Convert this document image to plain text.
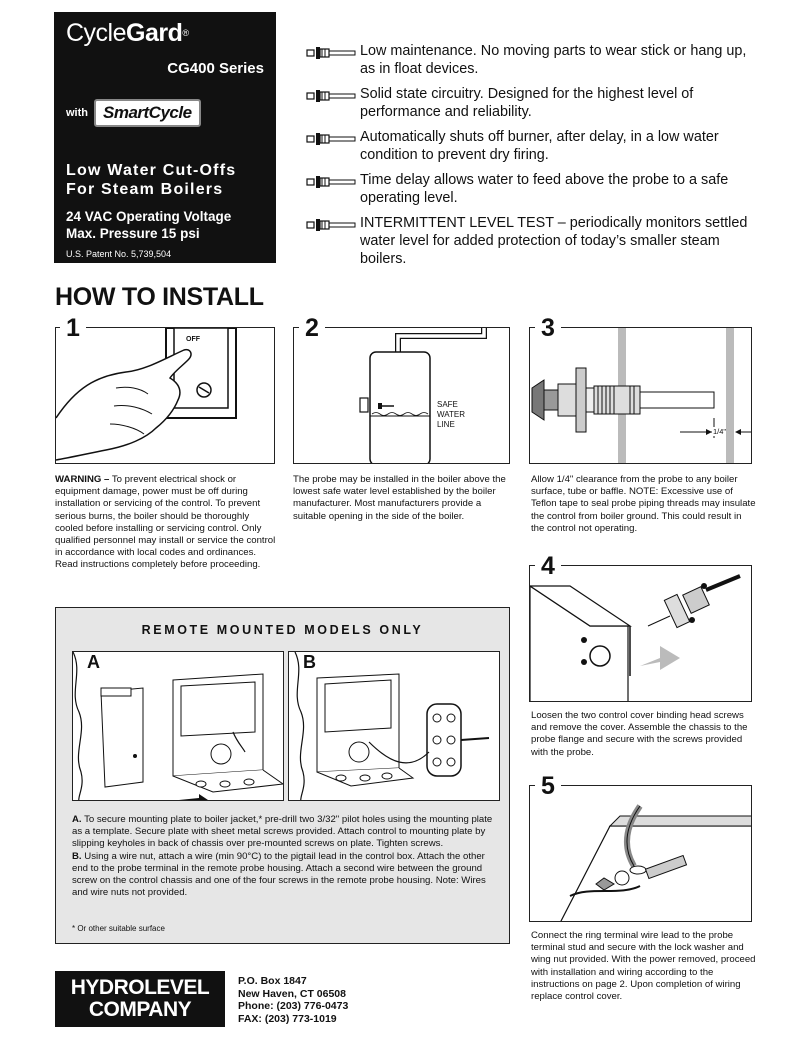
CycleGard®
CG400 Series
with SmartCycle
Low Water Cut-Offs
For Steam Boilers
24 VAC Operating Voltage
Max. Pressure 15 psi
U.S. Patent No. 5,739,504
Low maintenance. No moving parts to wear stick or hang up, as in float devices.
Solid state circuitry. Designed for the highest level of performance and reliability.
Automatically shuts off burner, after delay, in a low water condition to prevent dry firing.
Time delay allows water to feed above the probe to a safe operating level.
INTERMITTENT LEVEL TEST – periodically monitors settled water level for added protection of today’s smaller steam boilers.
HOW TO INSTALL
OFF
1
WARNING – To prevent electrical shock or equipment damage, power must be off during installation or servicing of the control. To prevent serious burns, the boiler should be thoroughly cooled before installing or servicing control. Only qualified personnel may install or service the control in accordance with local codes and ordinances. Read instructions completely before proceeding.
SAFE
WATER
LINE
2
The probe may be installed in the boiler above the lowest safe water level established by the boiler manufacturer. Most manufacturers provide a suitable opening in the side of the boiler.
1/4"
3
Allow 1/4" clearance from the probe to any boiler surface, tube or baffle. NOTE: Excessive use of Teflon tape to seal probe piping threads may insulate the control from boiler ground. This could result in the control not operating.
4
Loosen the two control cover binding head screws and remove the cover. Assemble the chassis to the probe flange and secure with the screws provided with the probe.
5
Connect the ring terminal wire lead to the probe terminal stud and secure with the lock washer and wing nut provided. With the power removed, proceed with installation and wiring according to the instructions on page 2. Upon completion of wiring replace control cover.
REMOTE MOUNTED MODELS ONLY
A	B

A. To secure mounting plate to boiler jacket,* pre-drill two 3/32" pilot holes using the mounting plate as a template. Secure plate with sheet metal screws provided. Attach control to mounting plate by slipping keyholes in back of chassis over pre-mounted screws on plate. Tighten screws.

B. Using a wire nut, attach a wire (min 90°C) to the pigtail lead in the control box. Attach the other end to the probe terminal in the remote probe housing. Attach a second wire between the ground screw on the control chassis and one of the four screws in the remote probe housing. Note: Wires and wire nuts not provided.

* Or other suitable surface
HYDROLEVEL
COMPANY
P.O. Box 1847
New Haven, CT 06508
Phone: (203) 776-0473
FAX: (203) 773-1019
